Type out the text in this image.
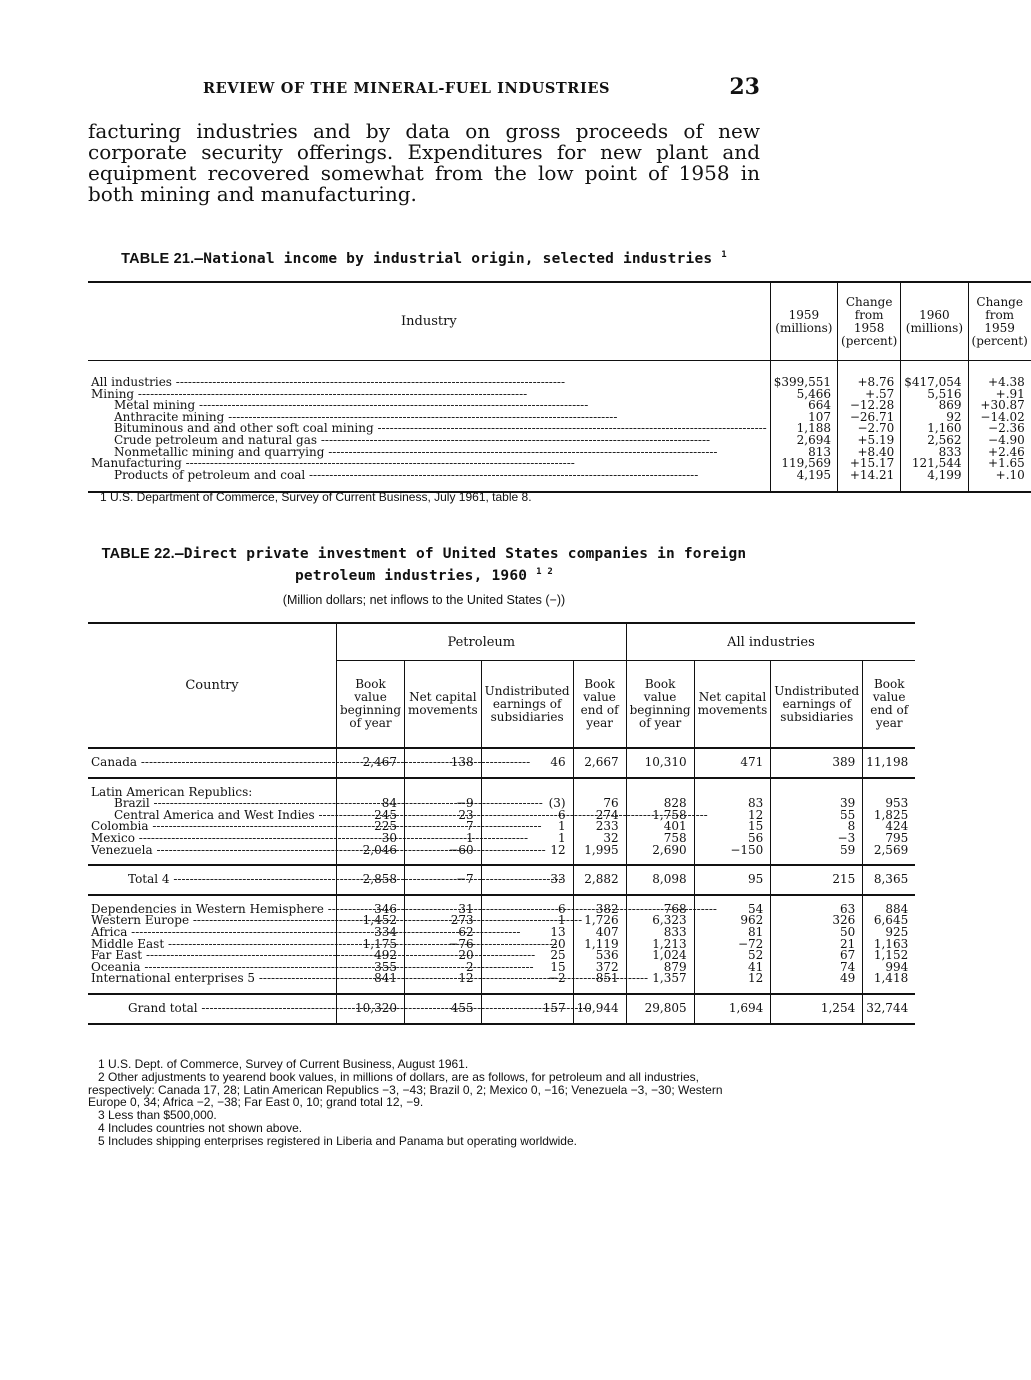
REVIEW OF THE MINERAL-FUEL INDUSTRIES	23

facturing industries and by data on gross proceeds of new corporate security offerings. Expenditures for new plant and equipment recovered somewhat from the low point of 1958 in both mining and manufacturing.

TABLE 21.—National income by industrial origin, selected industries $^1$
Industry	1959 (millions)	Change from 1958 (percent)	1960 (millions)	Change from 1959 (percent)
All industries -----	$399,551	+8.76	$417,054	+4.38
Mining -----	5,466	+.57	5,516	+.91
Metal mining -----	664	−12.28	869	+30.87
Anthracite mining -----	107	−26.71	92	−14.02
Bituminous and and other soft coal mining -----	1,188	−2.70	1,160	−2.36
Crude petroleum and natural gas -----	2,694	+5.19	2,562	−4.90
Nonmetallic mining and quarrying -----	813	+8.40	833	+2.46
Manufacturing -----	119,569	+15.17	121,544	+1.65
Products of petroleum and coal -----	4,195	+14.21	4,199	+.10
1 U.S. Department of Commerce, Survey of Current Business, July 1961, table 8.
TABLE 22.—Direct private investment of United States companies in foreign petroleum industries, 1960 $^{1 2}$
(Million dollars; net inflows to the United States (−))
Country	Petroleum				All industries			
	Book value beginning of year	Net capital movements	Undistributed earnings of subsidiaries	Book value end of year	Book value beginning of year	Net capital movements	Undistributed earnings of subsidiaries	Book value end of year
Canada -----	2,467	138	46	2,667	10,310	471	389	11,198
Latin American Republics:								
Brazil -----	84	−9	(3)	76	828	83	39	953
Central America and West Indies -----	245	23	6	274	1,758	12	55	1,825
Colombia -----	225	7	1	233	401	15	8	424
Mexico -----	30	1	1	32	758	56	−3	795
Venezuela -----	2,046	−60	12	1,995	2,690	−150	59	2,569
Total 4 -----	2,858	−7	33	2,882	8,098	95	215	8,365
Dependencies in Western Hemisphere -----	346	31	6	382	768	54	63	884
Western Europe -----	1,452	273	1	1,726	6,323	962	326	6,645
Africa -----	334	62	13	407	833	81	50	925
Middle East -----	1,175	−76	20	1,119	1,213	−72	21	1,163
Far East -----	492	20	25	536	1,024	52	67	1,152
Oceania -----	355	2	15	372	879	41	74	994
International enterprises 5 -----	841	12	−2	851	1,357	12	49	1,418
Grand total -----	10,320	455	157	10,944	29,805	1,694	1,254	32,744
1 U.S. Dept. of Commerce, Survey of Current Business, August 1961.
2 Other adjustments to yearend book values, in millions of dollars, are as follows, for petroleum and all industries, respectively: Canada 17, 28; Latin American Republics −3, −43; Brazil 0, 2; Mexico 0, −16; Venezuela −3, −30; Western Europe 0, 34; Africa −2, −38; Far East 0, 10; grand total 12, −9.
3 Less than $500,000.
4 Includes countries not shown above.
5 Includes shipping enterprises registered in Liberia and Panama but operating worldwide.
